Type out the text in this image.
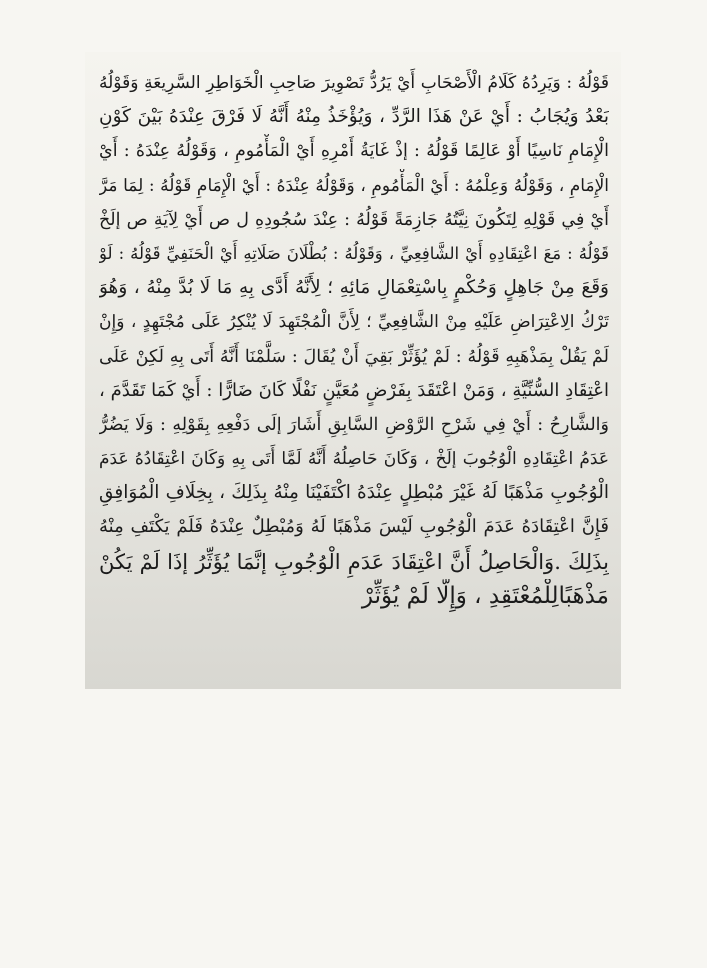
قَوْلُهُ : وَيَرِدُهُ كَلَامُ الْأَصْحَابِ أَيْ يَرُدُّ تَصْوِيرَ صَاحِبِ الْخَوَاطِرِ السَّرِيعَةِ وَقَوْلُهُ
بَعْدُ وَيُجَابُ : أَيْ عَنْ هَذَا الرَّدِّ ، وَيُؤْخَذُ مِنْهُ أَنَّهُ لَا فَرْقَ عِنْدَهُ بَيْنَ كَوْنِ
الْإِمَامِ نَاسِيًا أَوْ عَالِمًا قَوْلُهُ : إذْ غَايَةُ أَمْرِهِ أَيْ الْمَأْمُومِ ، وَقَوْلُهُ عِنْدَهُ : أَيْ
الْإِمَامِ ، وَقَوْلُهُ وَعِلْمُهُ : أَيْ الْمَأْمُومِ ، وَقَوْلُهُ عِنْدَهُ : أَيْ الْإِمَامِ قَوْلُهُ : لِمَا مَرَّ
أَيْ فِي قَوْلِهِ لِتَكُونَ نِيَّتُهُ جَازِمَةً قَوْلُهُ : عِنْدَ سُجُودِهِ ل ص أَيْ لِآيَةِ ص إلَخْ
قَوْلُهُ : مَعَ اعْتِقَادِهِ أَيْ الشَّافِعِيِّ ، وَقَوْلُهُ : بُطْلَانَ صَلَاتِهِ أَيْ الْحَنَفِيِّ قَوْلُهُ : لَوْ
وَقَعَ مِنْ جَاهِلٍ وَحُكْمٍ بِاسْتِعْمَالِ مَائِهِ ؛ لِأَنَّهُ أَدَّى بِهِ مَا لَا بُدَّ مِنْهُ ، وَهُوَ
تَرْكُ الِاعْتِرَاضِ عَلَيْهِ مِنْ الشَّافِعِيِّ ؛ لِأَنَّ الْمُجْتَهِدَ لَا يُنْكِرُ عَلَى مُجْتَهِدٍ ، وَإِنْ
لَمْ يَقُلْ بِمَذْهَبِهِ قَوْلُهُ : لَمْ يُؤَثِّرْ بَقِيَ أَنْ يُقَالَ : سَلَّمْنَا أَنَّهُ أَتَى بِهِ لَكِنْ عَلَى
اعْتِقَادِ السُّنِّيَّةِ ، وَمَنْ اعْتَقَدَ بِفَرْضٍ مُعَيَّنٍ نَفْلًا كَانَ ضَارًّا : أَيْ كَمَا تَقَدَّمَ ،
وَالشَّارِحُ : أَيْ فِي شَرْحِ الرَّوْضِ السَّابِقِ أَشَارَ إلَى دَفْعِهِ بِقَوْلِهِ : وَلَا يَضُرُّ
عَدَمُ اعْتِقَادِهِ الْوُجُوبَ إلَخْ ، وَكَانَ حَاصِلُهُ أَنَّهُ لَمَّا أَتَى بِهِ وَكَانَ اعْتِقَادُهُ عَدَمَ
الْوُجُوبِ مَذْهَبًا لَهُ غَيْرَ مُبْطِلٍ عِنْدَهُ اكْتَفَيْنَا مِنْهُ بِذَلِكَ ، بِخِلَافِ الْمُوَافِقِ
فَإِنَّ اعْتِقَادَهُ عَدَمَ الْوُجُوبِ لَيْسَ مَذْهَبًا لَهُ وَمُبْطِلٌ عِنْدَهُ فَلَمْ يَكْتَفِ مِنْهُ
بِذَلِكَ .وَالْحَاصِلُ أَنَّ اعْتِقَادَ عَدَمِ الْوُجُوبِ إنَّمَا يُؤَثِّرُ إذَا لَمْ يَكُنْ
مَذْهَبًالِلْمُعْتَقِدِ ، وَإِلَّا لَمْ يُؤَثِّرْ
